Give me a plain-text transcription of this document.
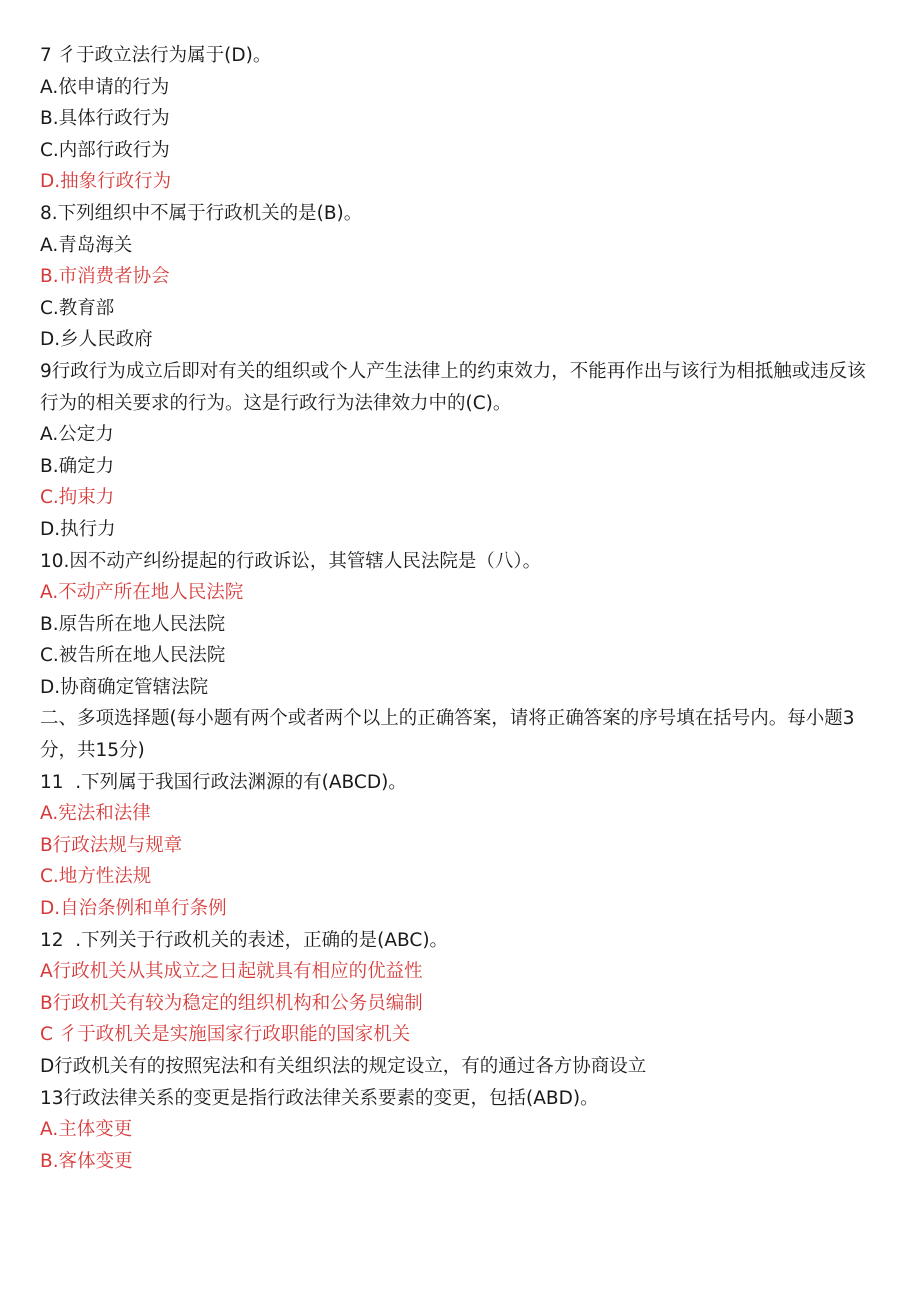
7 彳于政立法行为属于(D)。
A.依申请的行为
B.具体行政行为
C.内部行政行为
D.抽象行政行为
8.下列组织中不属于行政机关的是(B)。
A.青岛海关
B.市消费者协会
C.教育部
D.乡人民政府
9行政行为成立后即对有关的组织或个人产生法律上的约束效力，不能再作出与该行为相抵触或违反该
行为的相关要求的行为。这是行政行为法律效力中的(C)。
A.公定力
B.确定力
C.拘束力
D.执行力
10.因不动产纠纷提起的行政诉讼，其管辖人民法院是（八）。
A.不动产所在地人民法院
B.原告所在地人民法院
C.被告所在地人民法院
D.协商确定管辖法院
二、多项选择题(每小题有两个或者两个以上的正确答案，请将正确答案的序号填在括号内。每小题3
分，共15分)
11  .下列属于我国行政法渊源的有(ABCD)。
A.宪法和法律
B行政法规与规章
C.地方性法规
D.自治条例和单行条例
12  .下列关于行政机关的表述，正确的是(ABC)。
A行政机关从其成立之日起就具有相应的优益性
B行政机关有较为稳定的组织机构和公务员编制
C 彳于政机关是实施国家行政职能的国家机关
D行政机关有的按照宪法和有关组织法的规定设立，有的通过各方协商设立
13行政法律关系的变更是指行政法律关系要素的变更，包括(ABD)。
A.主体变更
B.客体变更
